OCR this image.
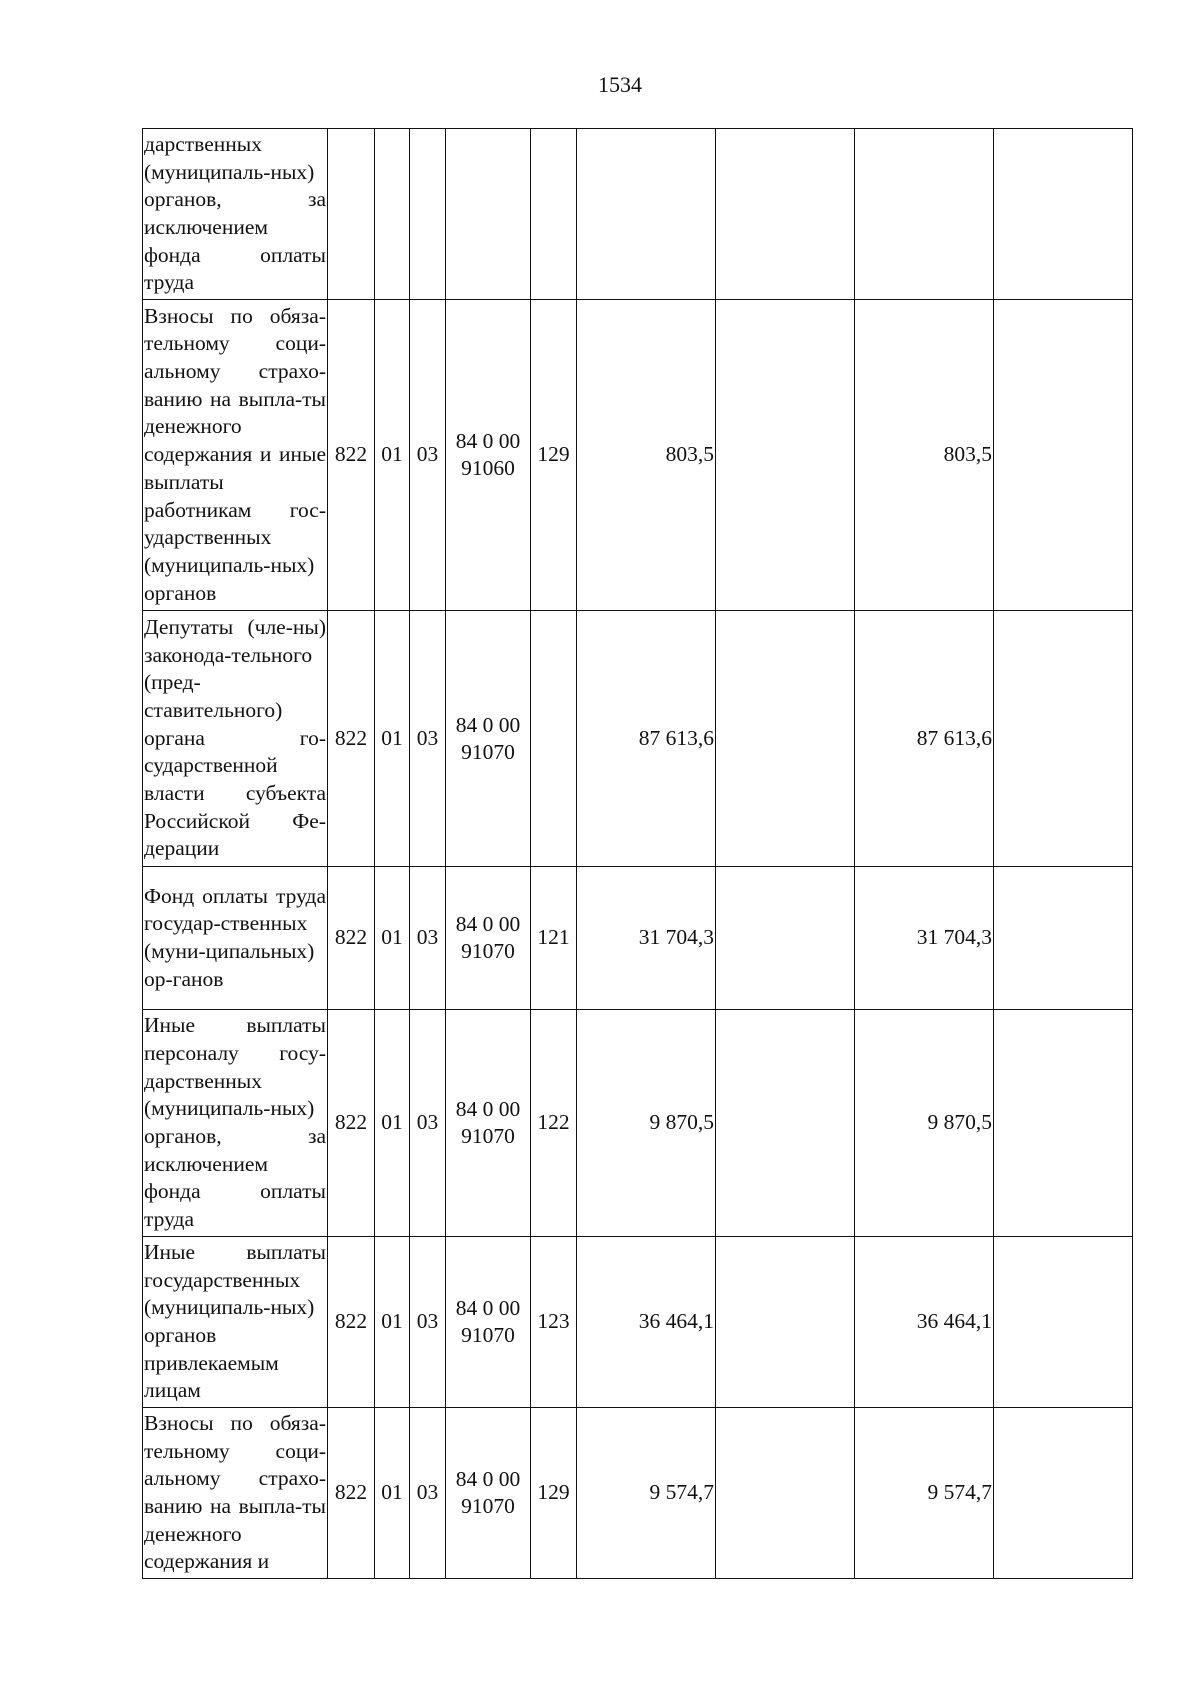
1534
дарственных (муниципаль-ных) органов, за исключением фонда оплаты труда									
Взносы по обяза-тельному соци-альному страхо-ванию на выпла-ты денежного содержания и иные выплаты работникам гос-ударственных (муниципаль-ных) органов	822	01	03	84 0 00 91060	129	803,5		803,5	
Депутаты (чле-ны) законода-тельного (пред-ставительного) органа го-сударственной власти субъекта Российской Фе-дерации	822	01	03	84 0 00 91070		87 613,6		87 613,6	
Фонд оплаты труда государ-ственных (муни-ципальных) ор-ганов	822	01	03	84 0 00 91070	121	31 704,3		31 704,3	
Иные выплаты персоналу госу-дарственных (муниципаль-ных) органов, за исключением фонда оплаты труда	822	01	03	84 0 00 91070	122	9 870,5		9 870,5	
Иные выплаты государственных (муниципаль-ных) органов привлекаемым лицам	822	01	03	84 0 00 91070	123	36 464,1		36 464,1	
Взносы по обяза-тельному соци-альному страхо-ванию на выпла-ты денежного содержания и	822	01	03	84 0 00 91070	129	9 574,7		9 574,7	
